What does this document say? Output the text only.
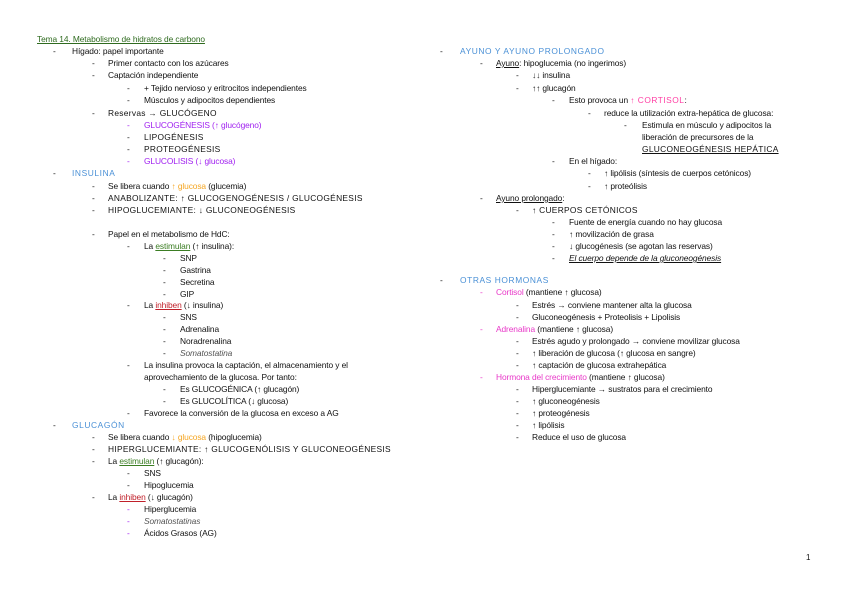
Tema 14. Metabolismo de hidratos de carbono
- Hígado: papel importante
- Primer contacto con los azúcares
- Captación independiente
- + Tejido nervioso y eritrocitos independientes
- Músculos y adipocitos dependientes
- Reservas → GLUCÓGENO
- GLUCOGÉNESIS (↑ glucógeno)
- LIPOGÉNESIS
- PROTEOGÉNESIS
- GLUCOLISIS (↓ glucosa)
- INSULINA
- Se libera cuando ↑ glucosa (glucemia)
- ANABOLIZANTE: ↑ GLUCOGENOGÉNESIS / GLUCOGÉNESIS
- HIPOGLUCEMIANTE: ↓ GLUCONEOGÉNESIS
- Papel en el metabolismo de HdC:
- La estimulan (↑ insulina):
- SNP
- Gastrina
- Secretina
- GIP
- La inhiben (↓ insulina)
- SNS
- Adrenalina
- Noradrenalina
- Somatostatina
- La insulina provoca la captación, el almacenamiento y el
aprovechamiento de la glucosa. Por tanto:
- Es GLUCOGÉNICA (↑ glucagón)
- Es GLUCOLÍTICA (↓ glucosa)
- Favorece la conversión de la glucosa en exceso a AG
- GLUCAGÓN
- Se libera cuando ↓ glucosa (hipoglucemia)
- HIPERGLUCEMIANTE: ↑ GLUCOGENÓLISIS Y GLUCONEOGÉNESIS
- La estimulan (↑ glucagón):
- SNS
- Hipoglucemia
- La inhiben (↓ glucagón)
- Hiperglucemia
- Somatostatinas
- Ácidos Grasos (AG)
- AYUNO Y AYUNO PROLONGADO
- Ayuno: hipoglucemia (no ingerimos)
- ↓↓ insulina
- ↑↑ glucagón
- Esto provoca un ↑ CORTISOL:
- reduce la utilización extra-hepática de glucosa:
- Estimula en músculo y adipocitos la
liberación de precursores de la
GLUCONEOGÉNESIS HEPÁTICA
- En el hígado:
- ↑ lipólisis (síntesis de cuerpos cetónicos)
- ↑ proteólisis
- Ayuno prolongado:
- ↑ CUERPOS CETÓNICOS
- Fuente de energía cuando no hay glucosa
- ↑ movilización de grasa
- ↓ glucogénesis (se agotan las reservas)
- El cuerpo depende de la gluconeogénesis
- OTRAS HORMONAS
- Cortisol (mantiene ↑ glucosa)
- Estrés → conviene mantener alta la glucosa
- Gluconeogénesis + Proteolisis + Lipolisis
- Adrenalina (mantiene ↑ glucosa)
- Estrés agudo y prolongado → conviene movilizar glucosa
- ↑ liberación de glucosa (↑ glucosa en sangre)
- ↑ captación de glucosa extrahepática
- Hormona del crecimiento (mantiene ↑ glucosa)
- Hiperglucemiante → sustratos para el crecimiento
- ↑ gluconeogénesis
- ↑ proteogénesis
- ↑ lipólisis
- Reduce el uso de glucosa
1
